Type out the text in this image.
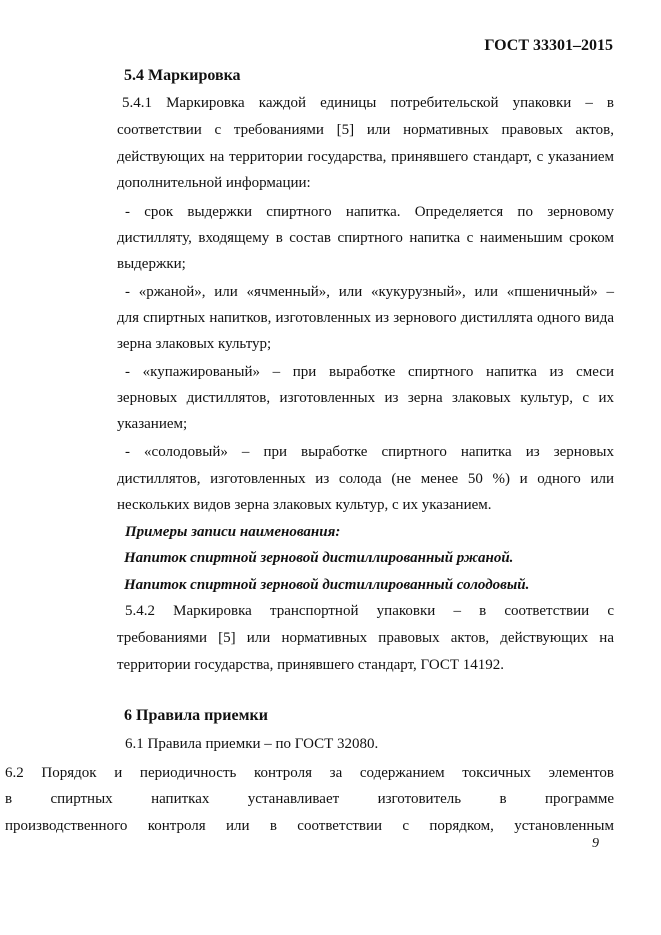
ГОСТ 33301–2015
5.4 Маркировка
5.4.1 Маркировка каждой единицы потребительской упаковки – в
соответствии с требованиями [5] или нормативных правовых актов,
действующих на территории государства, принявшего стандарт, с указанием
дополнительной информации:
- срок выдержки спиртного напитка. Определяется по зерновому
дистилляту, входящему в состав спиртного напитка с наименьшим сроком
выдержки;
- «ржаной», или «ячменный», или «кукурузный», или «пшеничный» –
для спиртных напитков, изготовленных из зернового дистиллята одного вида
зерна злаковых культур;
- «купажированый» – при выработке спиртного напитка из смеси
зерновых дистиллятов, изготовленных из зерна злаковых культур, с их
указанием;
- «солодовый» – при выработке спиртного напитка из зерновых
дистиллятов, изготовленных из солода (не менее 50 %) и одного или
нескольких видов зерна злаковых культур, с их указанием.
Примеры записи наименования:
Напиток спиртной зерновой дистиллированный ржаной.
Напиток спиртной зерновой дистиллированный солодовый.
5.4.2 Маркировка транспортной упаковки – в соответствии с
требованиями [5] или нормативных правовых актов, действующих на
территории государства, принявшего стандарт, ГОСТ 14192.
6 Правила приемки
6.1 Правила приемки – по ГОСТ 32080.
6.2 Порядок и периодичность контроля за содержанием токсичных элементов
в спиртных напитках устанавливает изготовитель в программе
производственного контроля или в соответствии с порядком, установленным
9
